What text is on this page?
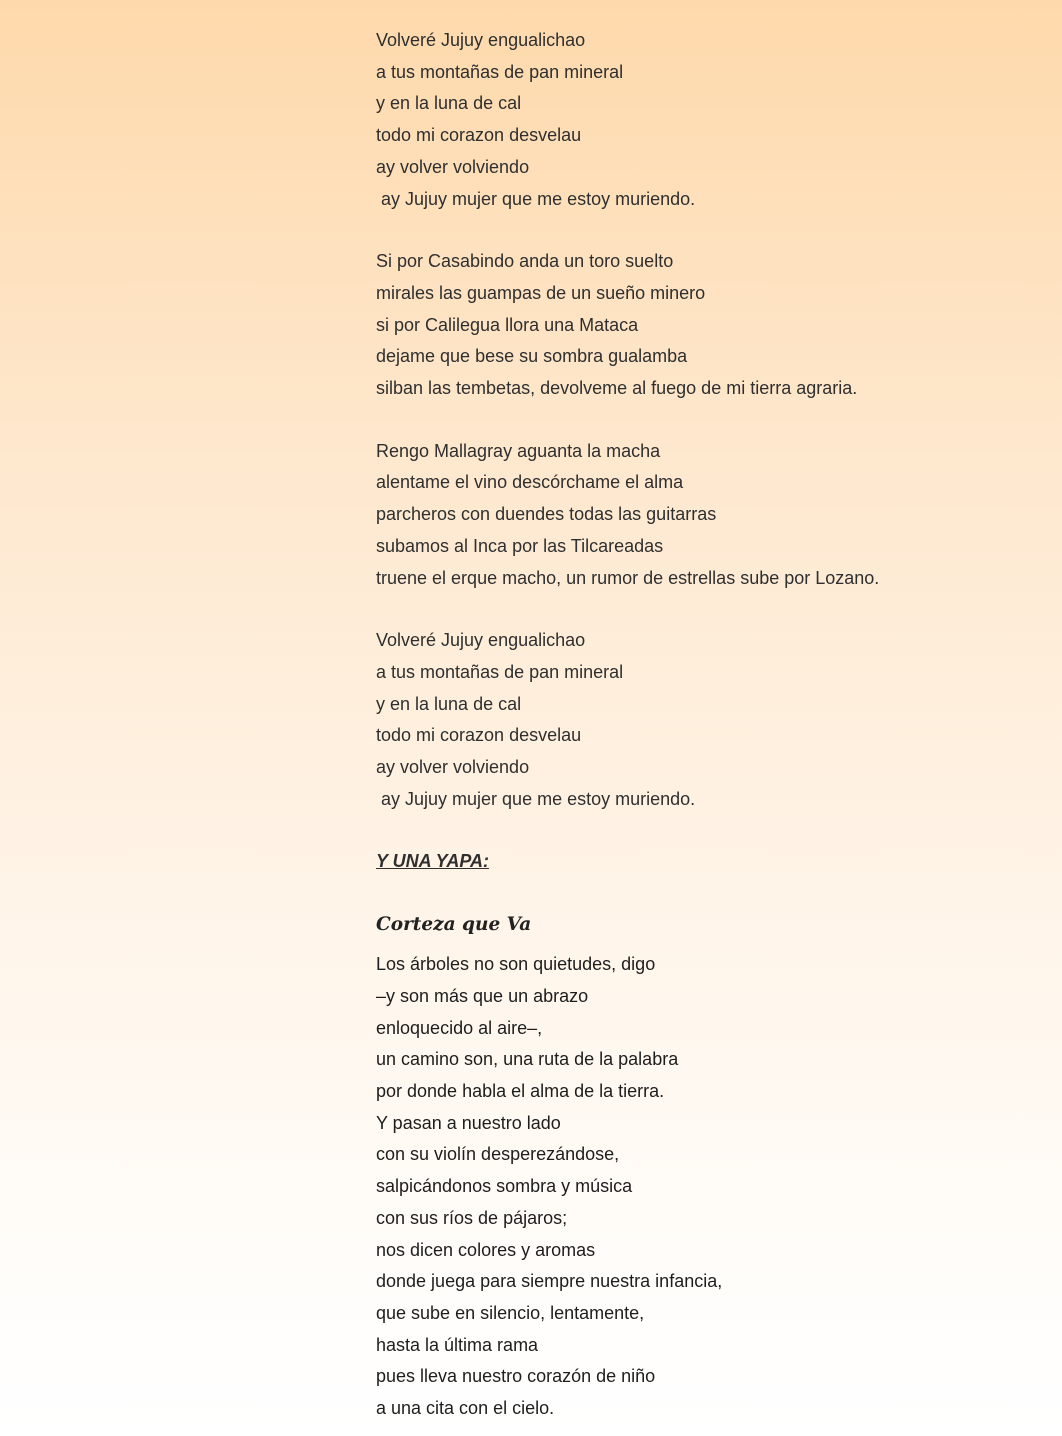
Volveré Jujuy engualichao

a tus montañas de pan mineral

y en la luna de cal

todo mi corazon desvelau

ay volver volviendo

ay Jujuy mujer que me estoy muriendo.

Si por Casabindo anda un toro suelto

mirales las guampas de un sueño minero

si por Calilegua llora una Mataca

dejame que bese su sombra gualamba

silban las tembetas, devolveme al fuego de mi tierra agraria.

Rengo Mallagray aguanta la macha

alentame el vino descórchame el alma

parcheros con duendes todas las guitarras

subamos al Inca por las Tilcareadas

truene el erque macho, un rumor de estrellas sube por Lozano.

Volveré Jujuy engualichao

a tus montañas de pan mineral

y en la luna de cal

todo mi corazon desvelau

ay volver volviendo

ay Jujuy mujer que me estoy muriendo.

Y UNA YAPA:

Corteza que Va

Los árboles no son quietudes, digo

–y son más que un abrazo

enloquecido al aire–,

un camino son, una ruta de la palabra

por donde habla el alma de la tierra.

Y pasan a nuestro lado

con su violín desperezándose,

salpicándonos sombra y música

con sus ríos de pájaros;

nos dicen colores y aromas

donde juega para siempre nuestra infancia,

que sube en silencio, lentamente,

hasta la última rama

pues lleva nuestro corazón de niño

a una cita con el cielo.
